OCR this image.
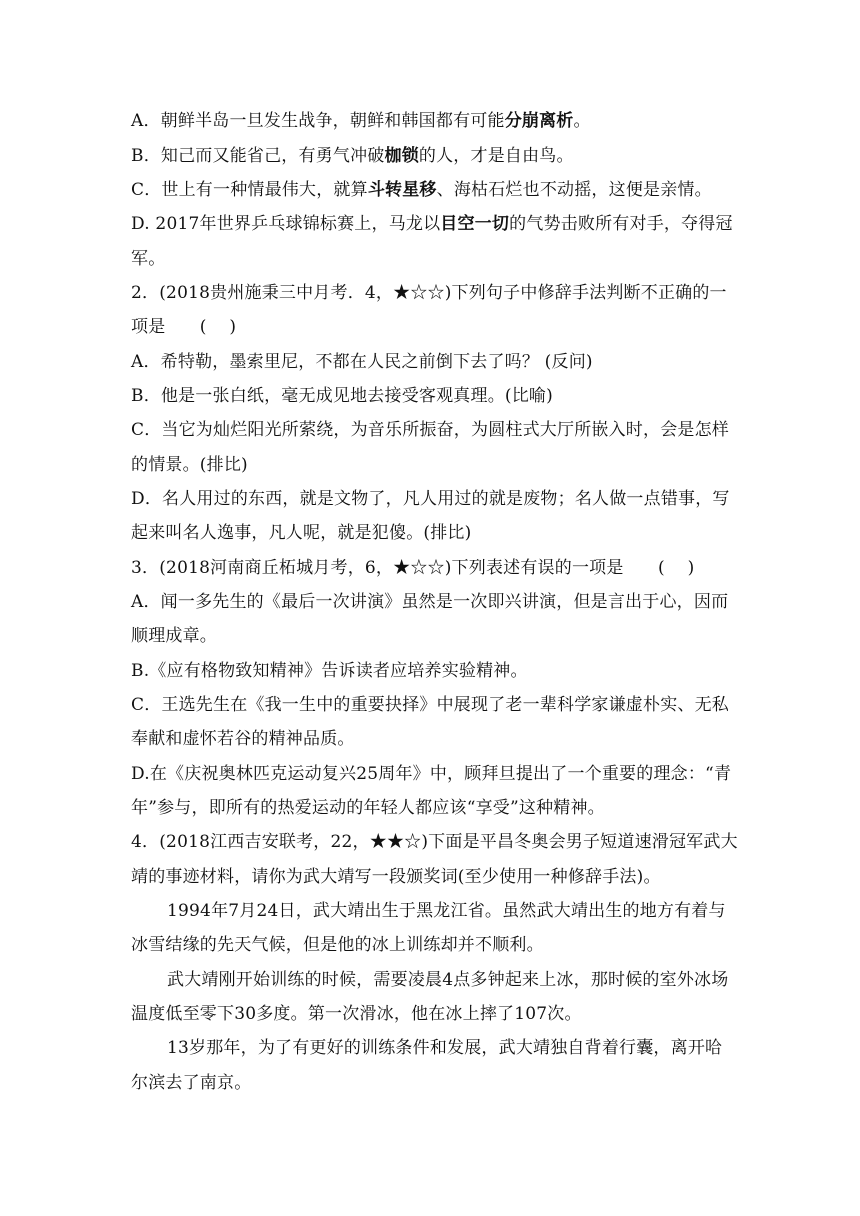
A．朝鲜半岛一旦发生战争，朝鲜和韩国都有可能分崩离析。
B．知己而又能省己，有勇气冲破枷锁的人，才是自由鸟。
C．世上有一种情最伟大，就算斗转星移、海枯石烂也不动摇，这便是亲情。
D. 2017年世界乒乓球锦标赛上，马龙以目空一切的气势击败所有对手，夺得冠
军。
2．(2018贵州施秉三中月考．4，★☆☆)下列句子中修辞手法判断不正确的一
项是　　(　 )
A．希特勒，墨索里尼，不都在人民之前倒下去了吗？ (反问)
B．他是一张白纸，毫无成见地去接受客观真理。(比喻)
C．当它为灿烂阳光所萦绕，为音乐所振奋，为圆柱式大厅所嵌入时，会是怎样
的情景。(排比)
D．名人用过的东西，就是文物了，凡人用过的就是废物；名人做一点错事，写
起来叫名人逸事，凡人呢，就是犯傻。(排比)
3．(2018河南商丘柘城月考，6，★☆☆)下列表述有误的一项是　　(　 )
A．闻一多先生的《最后一次讲演》虽然是一次即兴讲演，但是言出于心，因而
顺理成章。
B.《应有格物致知精神》告诉读者应培养实验精神。
C．王选先生在《我一生中的重要抉择》中展现了老一辈科学家谦虚朴实、无私
奉献和虚怀若谷的精神品质。
D.在《庆祝奥林匹克运动复兴25周年》中，顾拜旦提出了一个重要的理念：“青
年”参与，即所有的热爱运动的年轻人都应该“享受”这种精神。
4．(2018江西吉安联考，22，★★☆)下面是平昌冬奥会男子短道速滑冠军武大
靖的事迹材料，请你为武大靖写一段颁奖词(至少使用一种修辞手法)。
1994年7月24日，武大靖出生于黑龙江省。虽然武大靖出生的地方有着与
冰雪结缘的先天气候，但是他的冰上训练却并不顺利。
武大靖刚开始训练的时候，需要凌晨4点多钟起来上冰，那时候的室外冰场
温度低至零下30多度。第一次滑冰，他在冰上摔了107次。
13岁那年，为了有更好的训练条件和发展，武大靖独自背着行囊，离开哈
尔滨去了南京。
